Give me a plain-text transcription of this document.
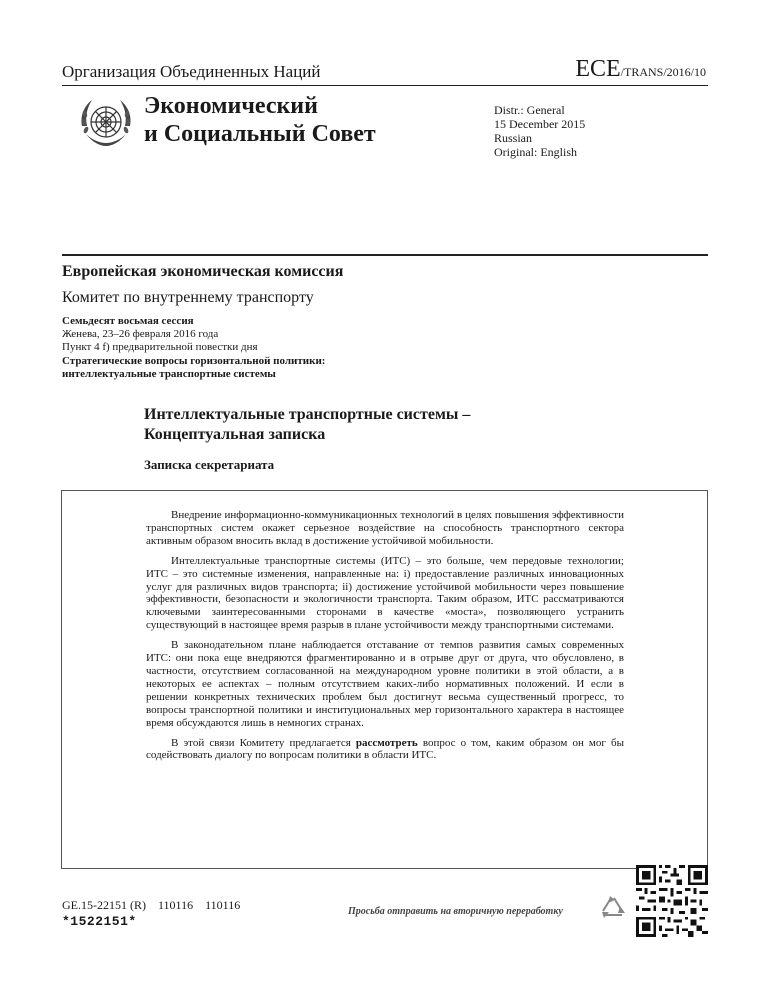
Организация Объединенных Наций	ECE/TRANS/2016/10
Экономический
и Социальный Совет
Distr.: General
15 December 2015
Russian
Original: English
Европейская экономическая комиссия
Комитет по внутреннему транспорту
Семьдесят восьмая сессия
Женева, 23–26 февраля 2016 года
Пункт 4 f) предварительной повестки дня
Стратегические вопросы горизонтальной политики:
интеллектуальные транспортные системы
Интеллектуальные транспортные системы –
Концептуальная записка
Записка секретариата

Внедрение информационно-коммуникационных технологий в целях повышения эффективности транспортных систем окажет серьезное воздействие на способность транспортного сектора активным образом вносить вклад в достижение устойчивой мобильности.

Интеллектуальные транспортные системы (ИТС) – это больше, чем передовые технологии; ИТС – это системные изменения, направленные на: i) предоставление различных инновационных услуг для различных видов транспорта; ii) достижение устойчивой мобильности через повышение эффективности, безопасности и экологичности транспорта. Таким образом, ИТС рассматриваются ключевыми заинтересованными сторонами в качестве «моста», позволяющего устранить существующий в настоящее время разрыв в плане устойчивости между транспортными системами.

В законодательном плане наблюдается отставание от темпов развития самых современных ИТС: они пока еще внедряются фрагментированно и в отрыве друг от друга, что обусловлено, в частности, отсутствием согласованной на международном уровне политики в этой области, а в некоторых ее аспектах – полным отсутствием каких-либо нормативных положений. И если в решении конкретных технических проблем был достигнут весьма существенный прогресс, то вопросы транспортной политики и институциональных мер горизонтального характера в настоящее время обсуждаются лишь в немногих странах.

В этой связи Комитету предлагается рассмотреть вопрос о том, каким образом он мог бы содействовать диалогу по вопросам политики в области ИТС.

GE.15-22151 (R)    110116    110116
*1522151*
Просьба отправить на вторичную переработку
